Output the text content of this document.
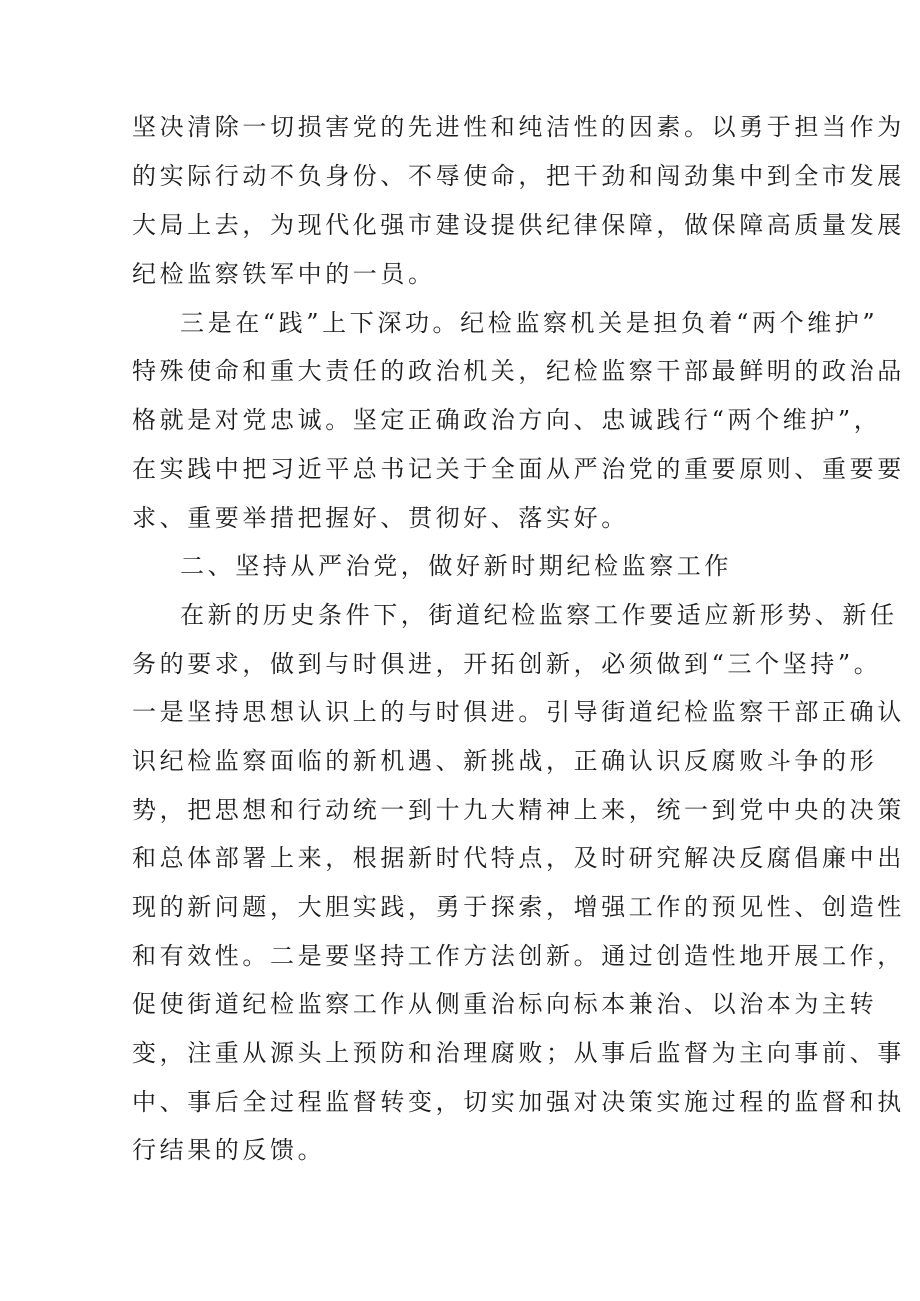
坚决清除一切损害党的先进性和纯洁性的因素。以勇于担当作为

的实际行动不负身份、不辱使命，把干劲和闯劲集中到全市发展

大局上去，为现代化强市建设提供纪律保障，做保障高质量发展

纪检监察铁军中的一员。

三是在“践”上下深功。纪检监察机关是担负着“两个维护”

特殊使命和重大责任的政治机关，纪检监察干部最鲜明的政治品

格就是对党忠诚。坚定正确政治方向、忠诚践行“两个维护”，

在实践中把习近平总书记关于全面从严治党的重要原则、重要要

求、重要举措把握好、贯彻好、落实好。

二、坚持从严治党，做好新时期纪检监察工作

在新的历史条件下，街道纪检监察工作要适应新形势、新任

务的要求，做到与时俱进，开拓创新，必须做到“三个坚持”。

一是坚持思想认识上的与时俱进。引导街道纪检监察干部正确认

识纪检监察面临的新机遇、新挑战，正确认识反腐败斗争的形

势，把思想和行动统一到十九大精神上来，统一到党中央的决策

和总体部署上来，根据新时代特点，及时研究解决反腐倡廉中出

现的新问题，大胆实践，勇于探索，增强工作的预见性、创造性

和有效性。二是要坚持工作方法创新。通过创造性地开展工作，

促使街道纪检监察工作从侧重治标向标本兼治、以治本为主转

变，注重从源头上预防和治理腐败；从事后监督为主向事前、事

中、事后全过程监督转变，切实加强对决策实施过程的监督和执

行结果的反馈。
